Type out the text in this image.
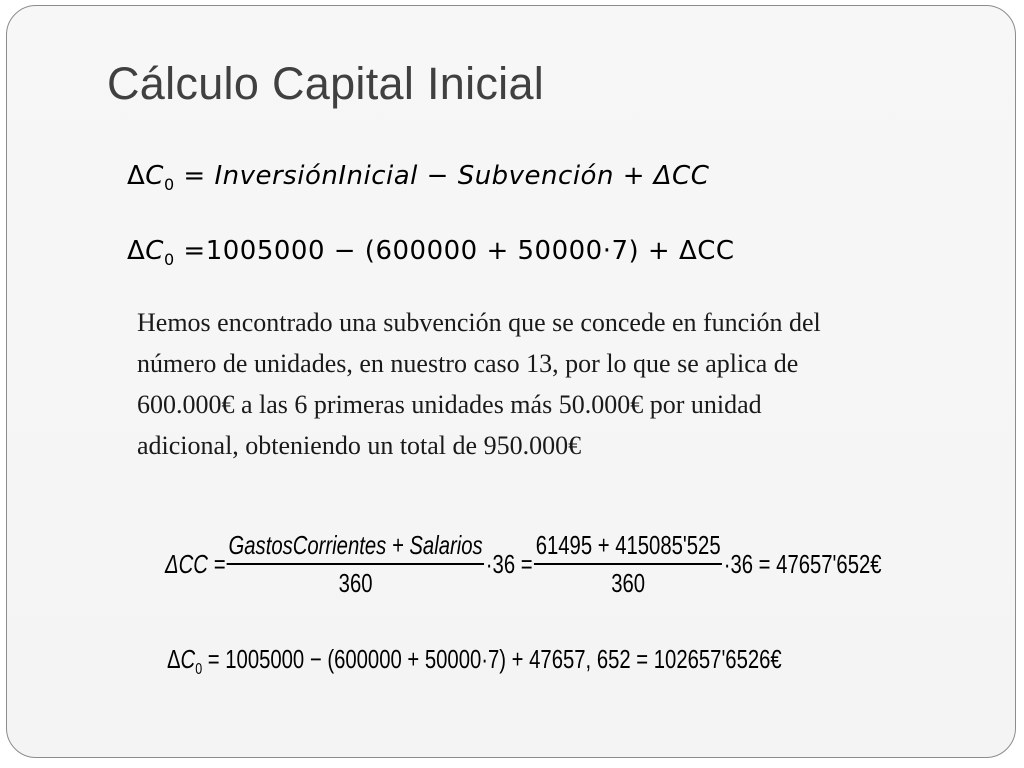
Cálculo Capital Inicial
$\Delta C_0$ = InversiónInicial − Subvención + ΔCC
$\Delta C_0 =1005000 - (600000 + 50000\cdot 7) + \Delta CC$

Hemos encontrado una subvención que se concede en función del número de unidades, en nuestro caso 13, por lo que se aplica de 600.000€ a las 6 primeras unidades más 50.000€ por unidad adicional, obteniendo un total de 950.000€

$\Delta CC = \frac{\text{GastosCorrientes + Salarios}}{360} \cdot 36 = \frac{61495 + 415085'525}{360} \cdot 36$ = 47657'652€
$\Delta C_0 = 1005000 - (600000 + 50000\cdot 7) + 47657$, 652 = 102657'6526€
